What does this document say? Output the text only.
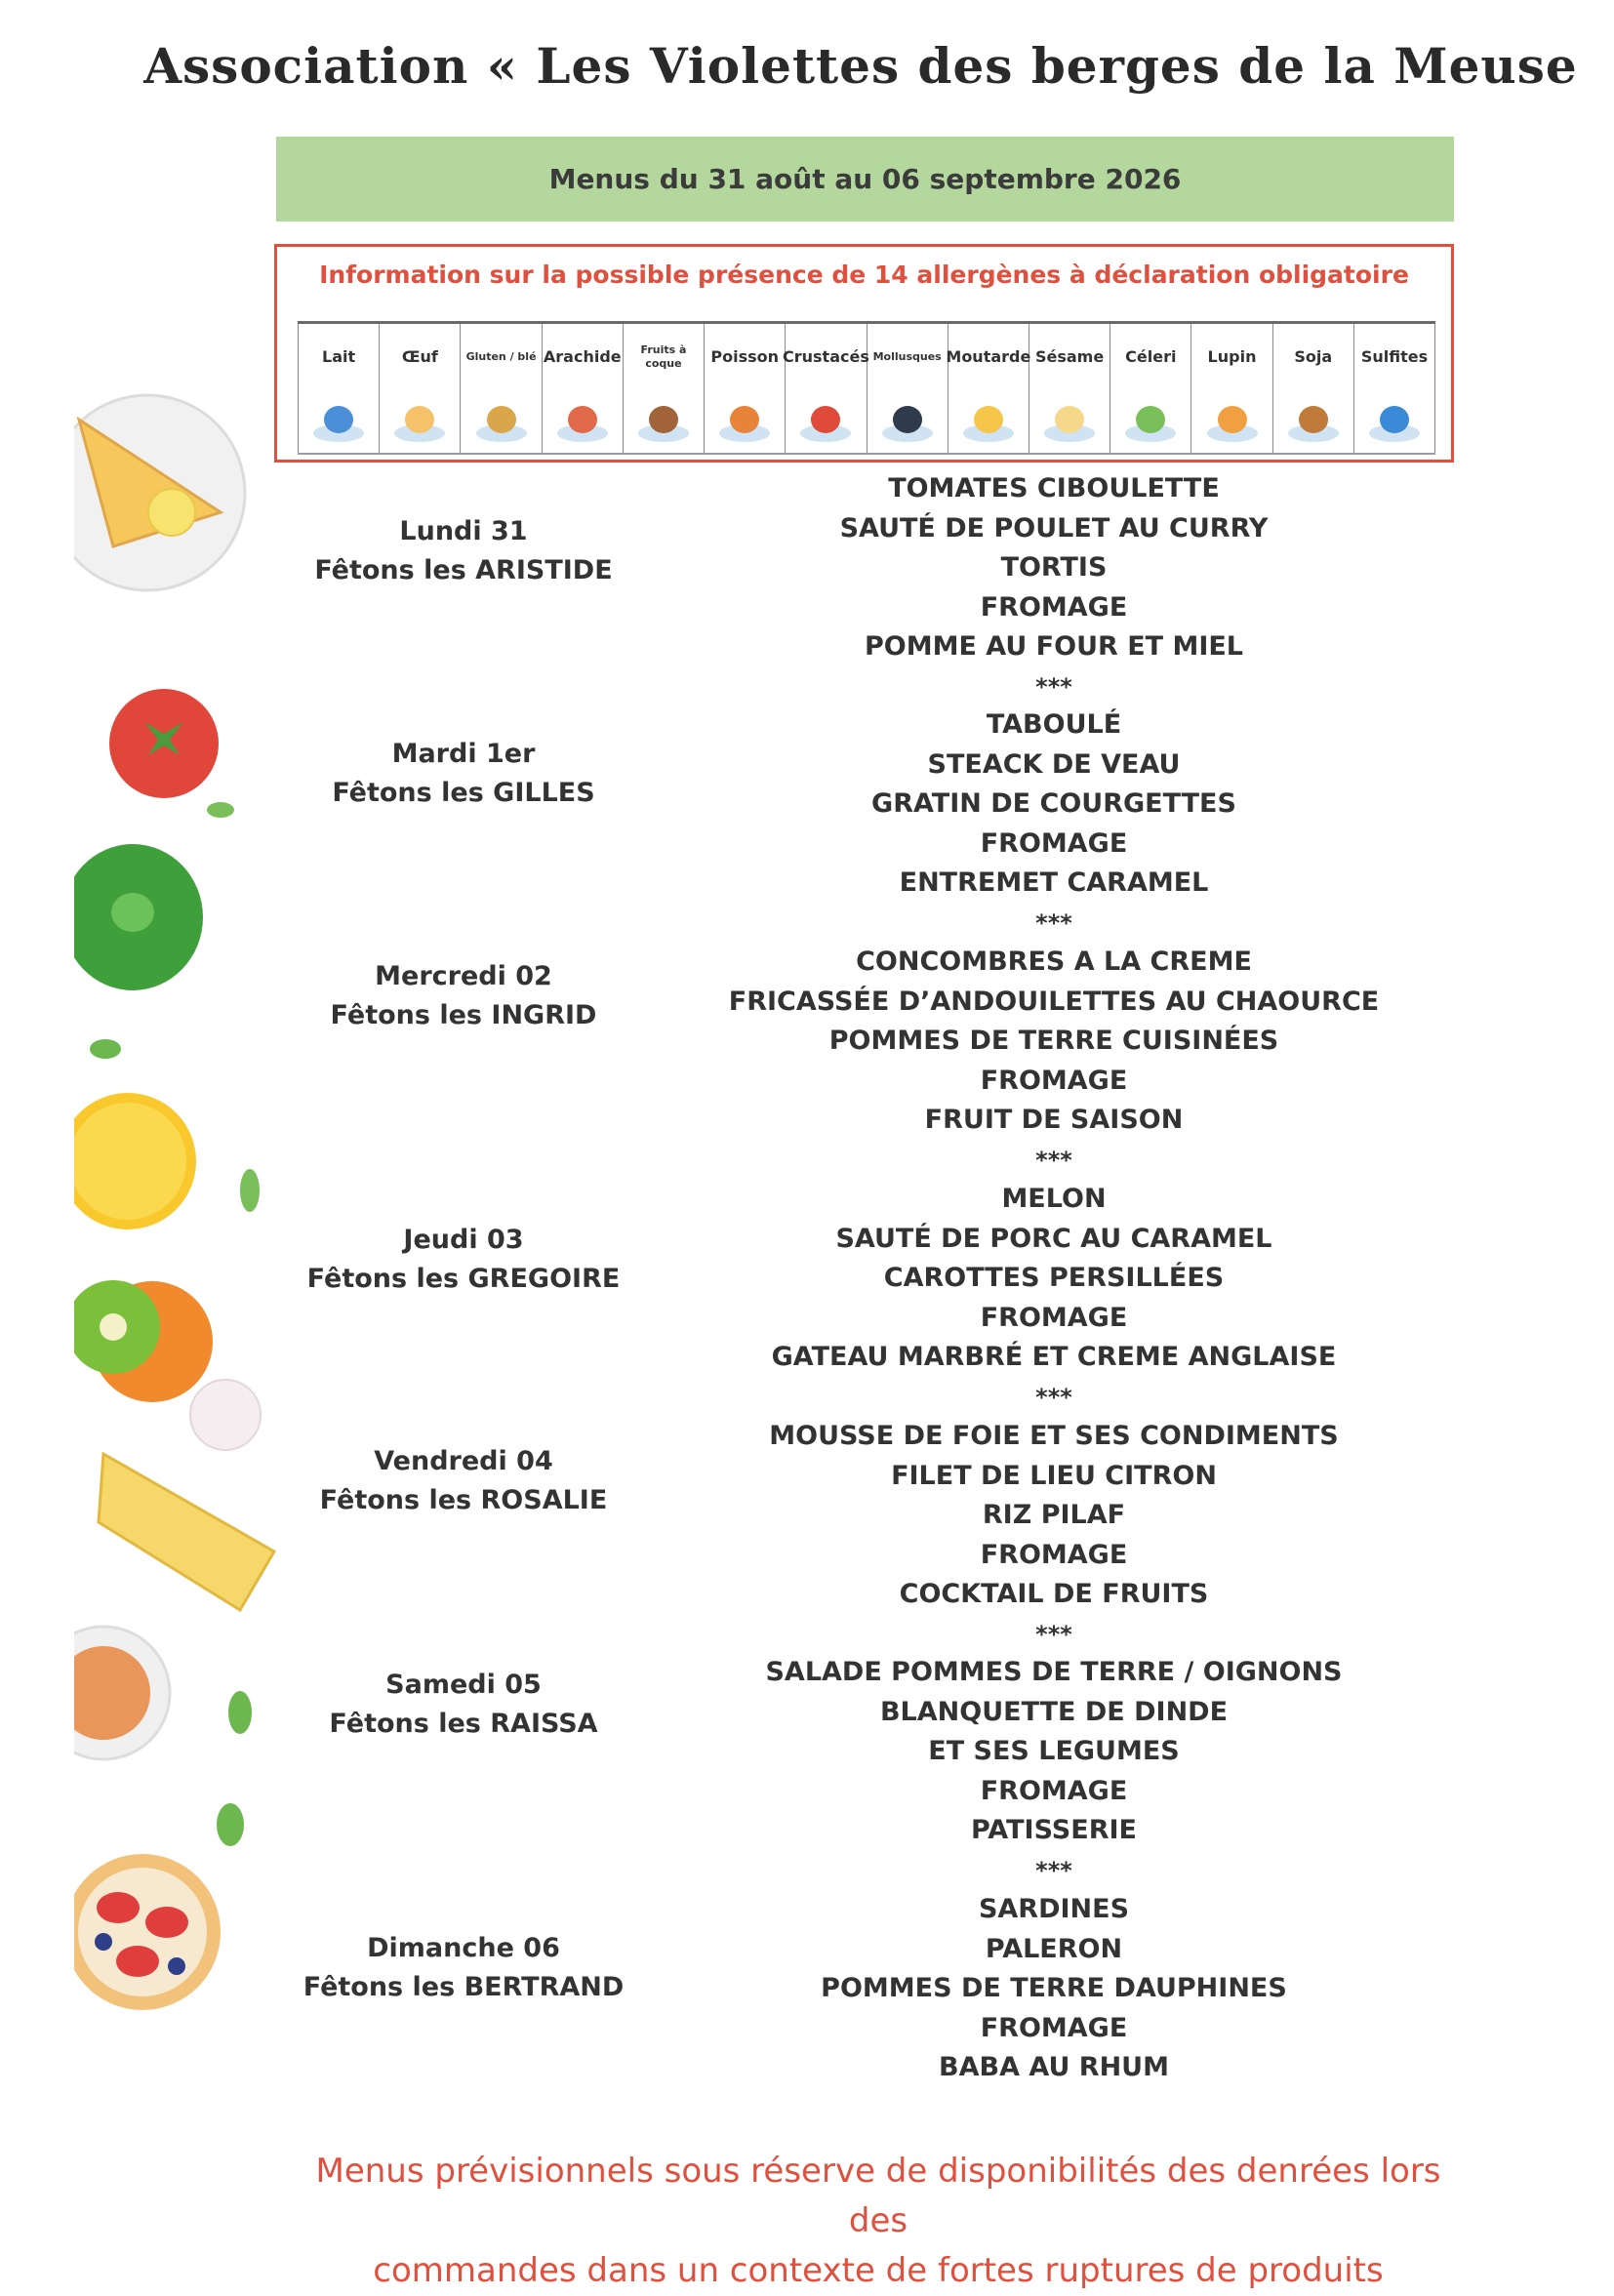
Association « Les Violettes des berges de la Meuse
Menus du 31 août au 06 septembre 2026
Information sur la possible présence de 14 allergènes à déclaration obligatoire
Lait	Œuf	Gluten / blé Arachide	Fruits à coque	Poisson Crustacés Mollusques Moutarde Sésame	Céleri	Lupin	Soja	Sulfites
Lundi 31
Fêtons les ARISTIDE
TOMATES CIBOULETTE
SAUTÉ DE POULET AU CURRY
TORTIS
FROMAGE
POMME AU FOUR ET MIEL
***
Mardi 1er
Fêtons les GILLES
TABOULÉ
STEACK DE VEAU
GRATIN DE COURGETTES
FROMAGE
ENTREMET CARAMEL
***
Mercredi 02
Fêtons les INGRID
CONCOMBRES A LA CREME
FRICASSÉE D’ANDOUILETTES AU CHAOURCE
POMMES DE TERRE CUISINÉES
FROMAGE
FRUIT DE SAISON
***
Jeudi 03
Fêtons les GREGOIRE
MELON
SAUTÉ DE PORC AU CARAMEL
CAROTTES PERSILLÉES
FROMAGE
GATEAU MARBRÉ ET CREME ANGLAISE
***
Vendredi 04
Fêtons les ROSALIE
MOUSSE DE FOIE ET SES CONDIMENTS
FILET DE LIEU CITRON
RIZ PILAF
FROMAGE
COCKTAIL DE FRUITS
***
Samedi 05
Fêtons les RAISSA
SALADE POMMES DE TERRE / OIGNONS
BLANQUETTE DE DINDE
ET SES LEGUMES
FROMAGE
PATISSERIE
***
Dimanche 06
Fêtons les BERTRAND
SARDINES
PALERON
POMMES DE TERRE DAUPHINES
FROMAGE
BABA AU RHUM
Menus prévisionnels sous réserve de disponibilités des denrées lors des
commandes dans un contexte de fortes ruptures de produits
